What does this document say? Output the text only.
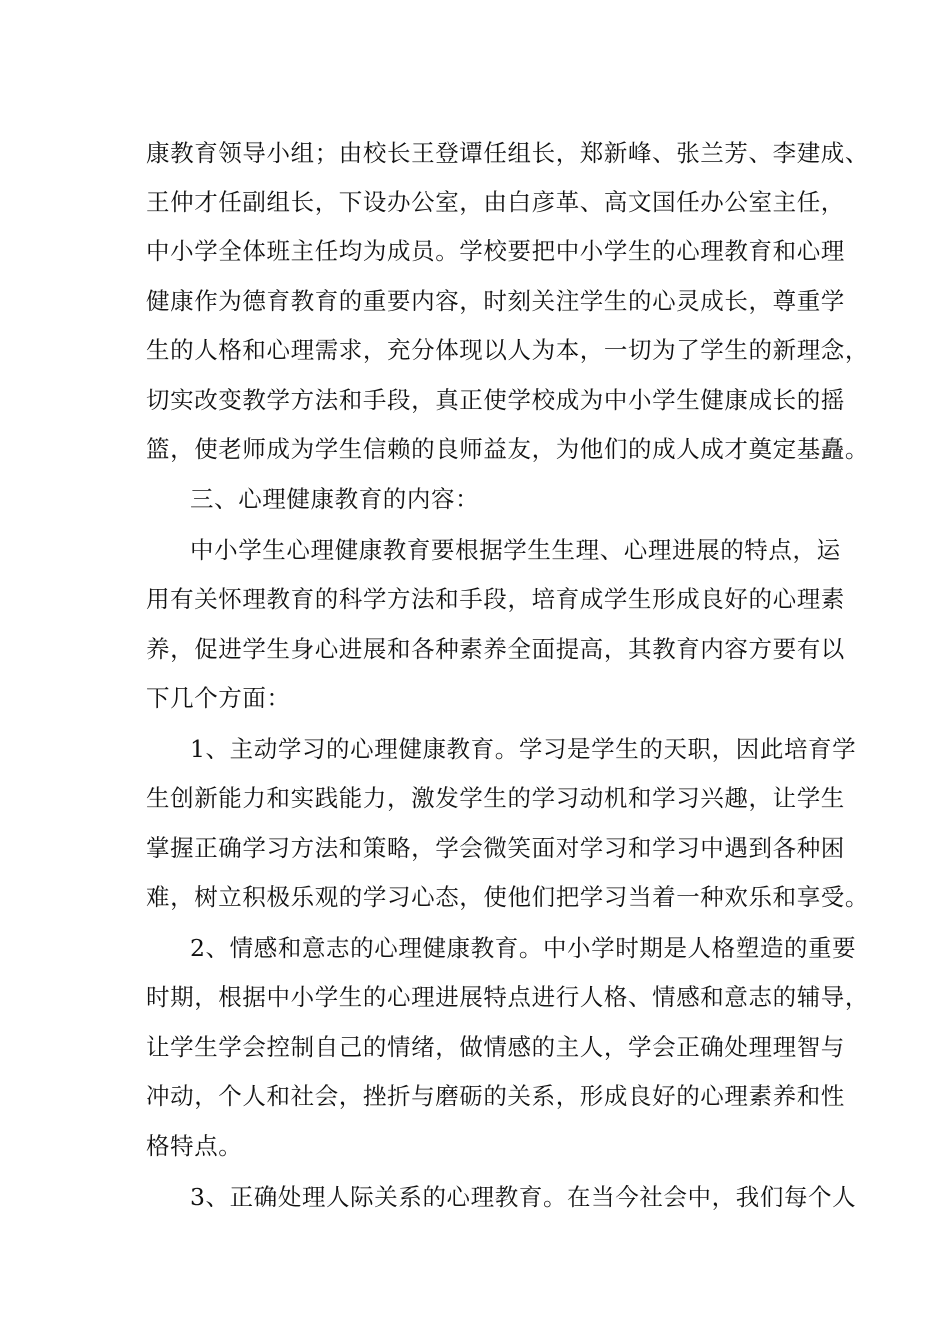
康教育领导小组；由校长王登谭任组长，郑新峰、张兰芳、李建成、
王仲才任副组长，下设办公室，由白彦革、高文国任办公室主任，
中小学全体班主任均为成员。学校要把中小学生的心理教育和心理
健康作为德育教育的重要内容，时刻关注学生的心灵成长，尊重学
生的人格和心理需求，充分体现以人为本，一切为了学生的新理念，
切实改变教学方法和手段，真正使学校成为中小学生健康成长的摇
篮，使老师成为学生信赖的良师益友，为他们的成人成才奠定基矗。
三、心理健康教育的内容：
中小学生心理健康教育要根据学生生理、心理进展的特点，运
用有关怀理教育的科学方法和手段，培育成学生形成良好的心理素
养，促进学生身心进展和各种素养全面提高，其教育内容方要有以
下几个方面：
1、主动学习的心理健康教育。学习是学生的天职，因此培育学
生创新能力和实践能力，激发学生的学习动机和学习兴趣，让学生
掌握正确学习方法和策略，学会微笑面对学习和学习中遇到各种困
难，树立积极乐观的学习心态，使他们把学习当着一种欢乐和享受。
2、情感和意志的心理健康教育。中小学时期是人格塑造的重要
时期，根据中小学生的心理进展特点进行人格、情感和意志的辅导，
让学生学会控制自己的情绪，做情感的主人，学会正确处理理智与
冲动，个人和社会，挫折与磨砺的关系，形成良好的心理素养和性
格特点。
3、正确处理人际关系的心理教育。在当今社会中，我们每个人
